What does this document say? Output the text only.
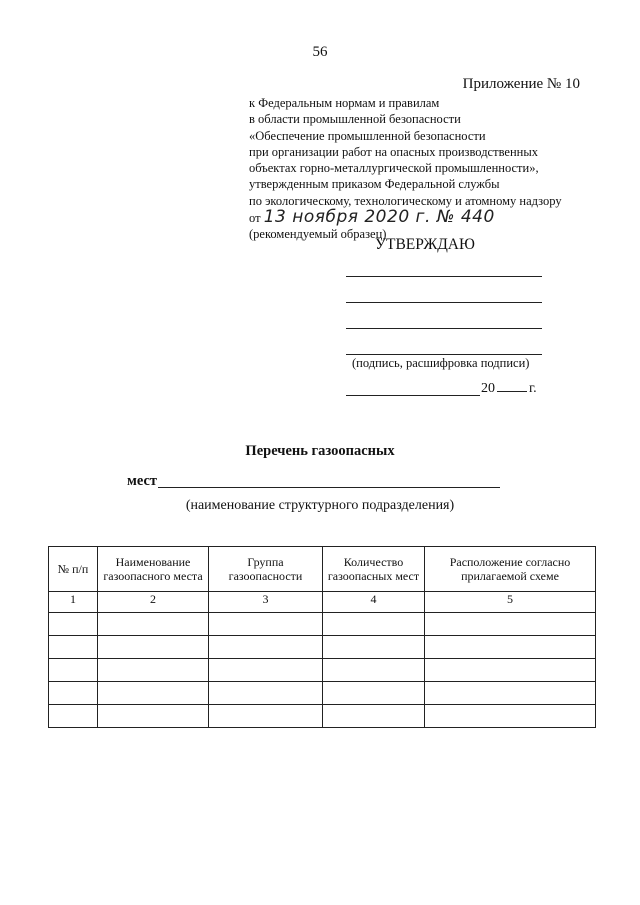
56
Приложение № 10
к Федеральным нормам и правилам
в области промышленной безопасности
«Обеспечение промышленной безопасности
при организации работ на опасных производственных
объектах горно-металлургической промышленности»,
утвержденным приказом Федеральной службы
по экологическому, технологическому и атомному надзору
от 13 ноября 2020 г. № 440
(рекомендуемый образец)
УТВЕРЖДАЮ
(подпись, расшифровка подписи)
20 г.
Перечень газоопасных
мест
(наименование структурного подразделения)
№ п/п	Наименование газоопасного места	Группа газоопасности	Количество газоопасных мест	Расположение согласно прилагаемой схеме
1	2	3	4	5
